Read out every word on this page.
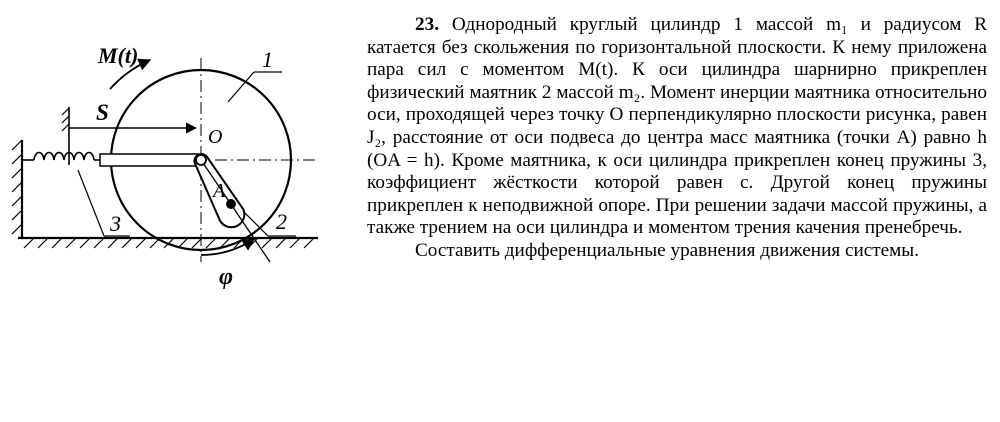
M(t)
S
1
O
A
2
3
φ

23. Однородный круглый цилиндр 1 массой m₁ и радиусом R катается без скольжения по горизонтальной плоскости. К нему приложена пара сил с моментом M(t). К оси цилиндра шарнирно прикреплен физический маятник 2 массой m₂. Момент инерции маятника относительно оси, проходящей через точку O перпендикулярно плоскости рисунка, равен J₂, расстояние от оси подвеса до центра масс маятника (точки А) равно h (OA = h). Кроме маятника, к оси цилиндра прикреплен конец пружины 3, коэффициент жёсткости которой равен c. Другой конец пружины прикреплен к неподвижной опоре. При решении задачи массой пружины, а также трением на оси цилиндра и моментом трения качения пренебречь.

Составить дифференциальные уравнения движения системы.
